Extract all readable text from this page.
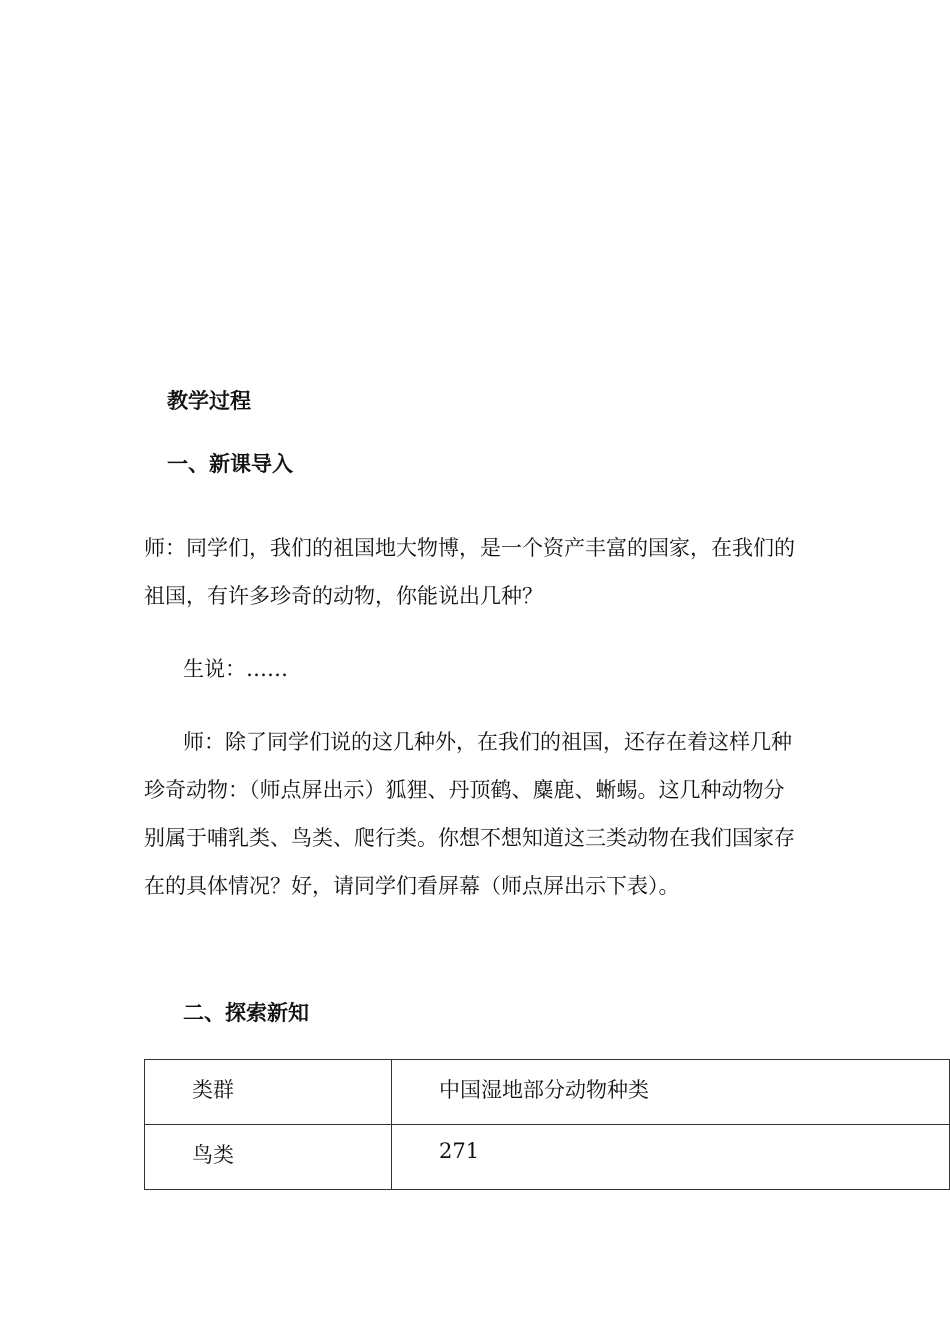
教学过程
一、新课导入
师：同学们，我们的祖国地大物博，是一个资产丰富的国家，在我们的祖国，有许多珍奇的动物，你能说出几种？
生说：……
师：除了同学们说的这几种外，在我们的祖国，还存在着这样几种珍奇动物：（师点屏出示）狐狸、丹顶鹤、麋鹿、蜥蜴。这几种动物分别属于哺乳类、鸟类、爬行类。你想不想知道这三类动物在我们国家存在的具体情况？好，请同学们看屏幕（师点屏出示下表）。
二、探索新知
类群	中国湿地部分动物种类

鸟类	271
